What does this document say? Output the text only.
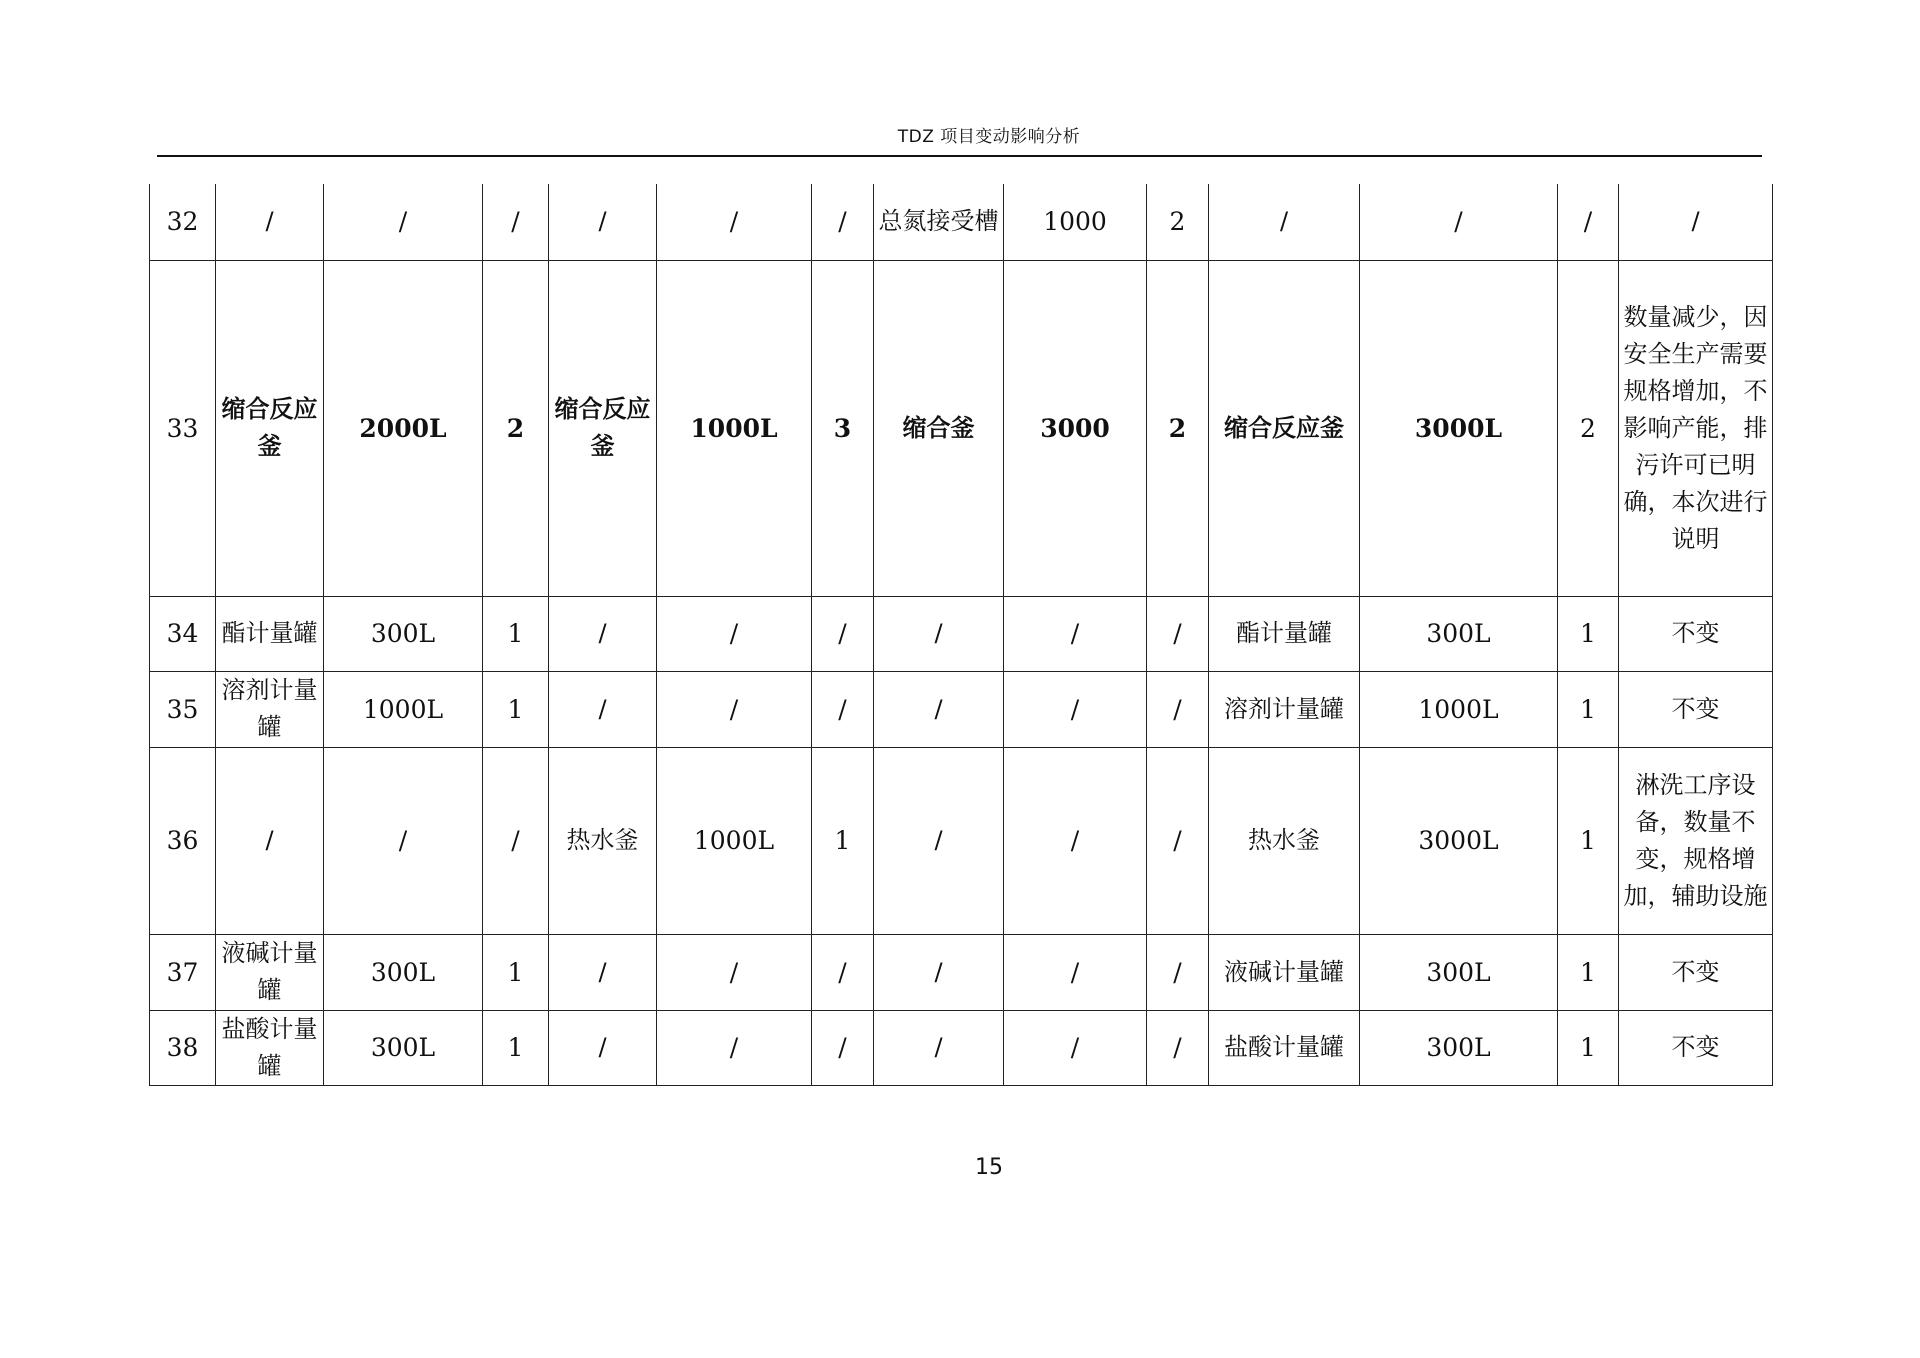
TDZ 项目变动影响分析
32	/	/	/	/	/	/	总氮接受槽	1000	2	/	/	/	/
33	缩合反应釜	2000L	2	缩合反应釜	1000L	3	缩合釜	3000	2	缩合反应釜	3000L	2	数量减少，因安全生产需要规格增加，不影响产能，排污许可已明确，本次进行说明
34	酯计量罐	300L	1	/	/	/	/	/	/	酯计量罐	300L	1	不变
35	溶剂计量罐	1000L	1	/	/	/	/	/	/	溶剂计量罐	1000L	1	不变
36	/	/	/	热水釜	1000L	1	/	/	/	热水釜	3000L	1	淋洗工序设备，数量不变，规格增加，辅助设施
37	液碱计量罐	300L	1	/	/	/	/	/	/	液碱计量罐	300L	1	不变
38	盐酸计量罐	300L	1	/	/	/	/	/	/	盐酸计量罐	300L	1	不变
15
